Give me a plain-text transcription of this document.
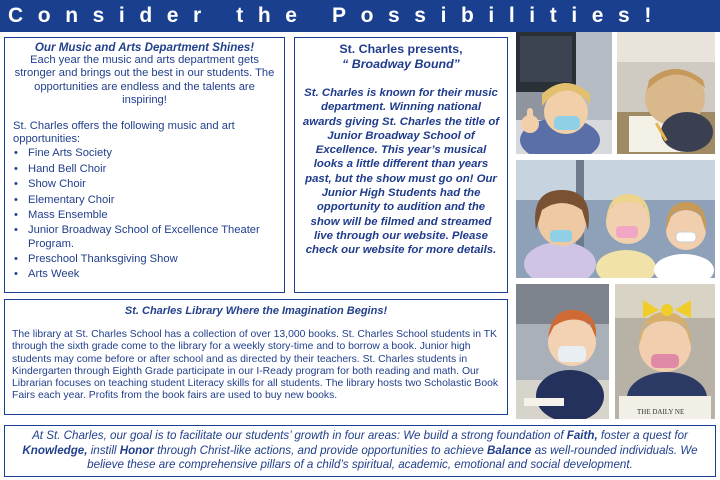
Consider the Possibilities!
Our Music and Arts Department Shines!
Each year the music and arts department gets stronger and brings out the best in our students. The opportunities are endless and the talents are inspiring!
St. Charles offers the following music and art opportunities:
• Fine Arts Society
• Hand Bell Choir
• Show Choir
• Elementary Choir
• Mass Ensemble
• Junior Broadway School of Excellence Theater Program.
• Preschool Thanksgiving Show
• Arts Week
St. Charles presents,
“ Broadway Bound”
St. Charles is known for their music department. Winning national awards giving St. Charles the title of Junior Broadway School of Excellence. This year’s musical looks a little different than years past, but the show must go on! Our Junior High Students had the opportunity to audition and the show will be filmed and streamed live through our website. Please check our website for more details.
St. Charles Library Where the Imagination Begins!
The library at St. Charles School has a collection of over 13,000 books. St. Charles School students in TK through the sixth grade come to the library for a weekly story-time and to borrow a book. Junior high students may come before or after school and as directed by their teachers. St. Charles students in Kindergarten through Eighth Grade participate in our I-Ready program for both reading and math. Our Librarian focuses on teaching student Literacy skills for all students. The library hosts two Scholastic Book Fairs each year. Profits from the book fairs are used to buy new books.
At St. Charles, our goal is to facilitate our students’ growth in four areas: We build a strong foundation of Faith, foster a quest for Knowledge, instill Honor through Christ-like actions, and provide opportunities to achieve Balance as well-rounded individuals. We believe these are comprehensive pillars of a child’s spiritual, academic, emotional and social development.
THE DAILY NE
